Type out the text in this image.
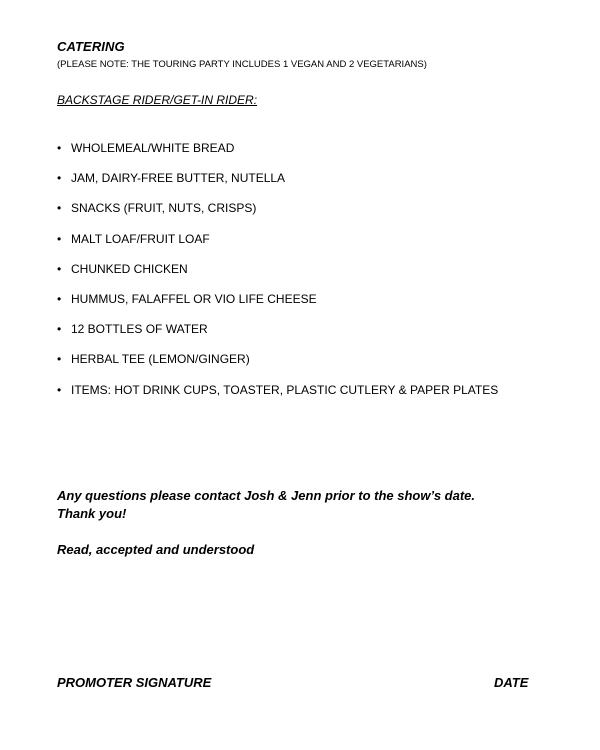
CATERING
(PLEASE NOTE: THE TOURING PARTY INCLUDES 1 VEGAN AND 2 VEGETARIANS)
BACKSTAGE RIDER/GET-IN RIDER:
• WHOLEMEAL/WHITE BREAD
• JAM, DAIRY-FREE BUTTER, NUTELLA
• SNACKS (FRUIT, NUTS, CRISPS)
• MALT LOAF/FRUIT LOAF
• CHUNKED CHICKEN
• HUMMUS, FALAFFEL OR VIO LIFE CHEESE
• 12 BOTTLES OF WATER
• HERBAL TEE (LEMON/GINGER)
• ITEMS: HOT DRINK CUPS, TOASTER, PLASTIC CUTLERY & PAPER PLATES
Any questions please contact Josh & Jenn prior to the show’s date.
Thank you!
Read, accepted and understood
PROMOTER SIGNATURE	DATE
